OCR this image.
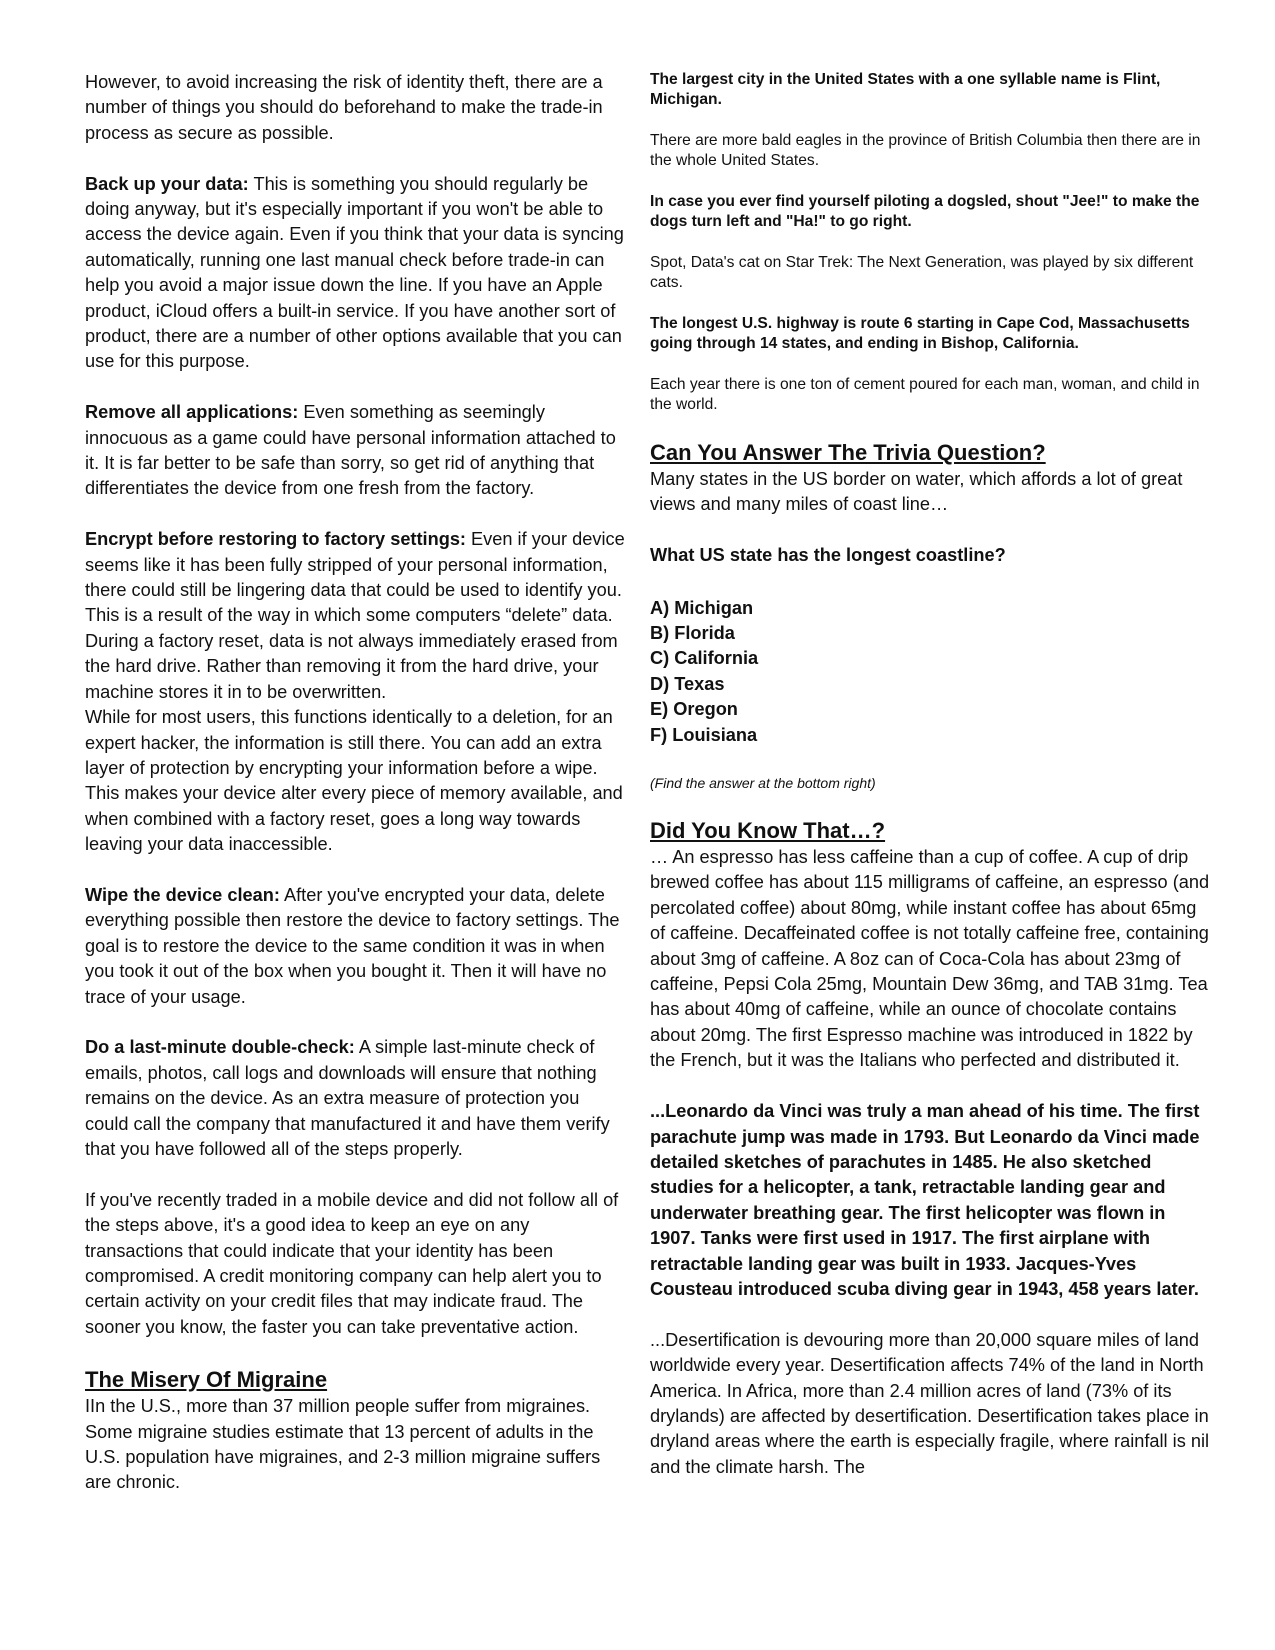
However, to avoid increasing the risk of identity theft, there are a number of things you should do beforehand to make the trade-in process as secure as possible.

Back up your data: This is something you should regularly be doing anyway, but it's especially important if you won't be able to access the device again. Even if you think that your data is syncing automatically, running one last manual check before trade-in can help you avoid a major issue down the line. If you have an Apple product, iCloud offers a built-in service. If you have another sort of product, there are a number of other options available that you can use for this purpose.

Remove all applications: Even something as seemingly innocuous as a game could have personal information attached to it. It is far better to be safe than sorry, so get rid of anything that differentiates the device from one fresh from the factory.

Encrypt before restoring to factory settings: Even if your device seems like it has been fully stripped of your personal information, there could still be lingering data that could be used to identify you. This is a result of the way in which some computers “delete” data. During a factory reset, data is not always immediately erased from the hard drive. Rather than removing it from the hard drive, your machine stores it in to be overwritten.

While for most users, this functions identically to a deletion, for an expert hacker, the information is still there. You can add an extra layer of protection by encrypting your information before a wipe. This makes your device alter every piece of memory available, and when combined with a factory reset, goes a long way towards leaving your data inaccessible.

Wipe the device clean: After you've encrypted your data, delete everything possible then restore the device to factory settings. The goal is to restore the device to the same condition it was in when you took it out of the box when you bought it. Then it will have no trace of your usage.

Do a last-minute double-check: A simple last-minute check of emails, photos, call logs and downloads will ensure that nothing remains on the device. As an extra measure of protection you could call the company that manufactured it and have them verify that you have followed all of the steps properly.

If you've recently traded in a mobile device and did not follow all of the steps above, it's a good idea to keep an eye on any transactions that could indicate that your identity has been compromised. A credit monitoring company can help alert you to certain activity on your credit files that may indicate fraud. The sooner you know, the faster you can take preventative action.

The Misery Of Migraine

IIn the U.S., more than 37 million people suffer from migraines. Some migraine studies estimate that 13 percent of adults in the U.S. population have migraines, and 2-3 million migraine suffers are chronic.

The largest city in the United States with a one syllable name is Flint, Michigan.

There are more bald eagles in the province of British Columbia then there are in the whole United States.

In case you ever find yourself piloting a dogsled, shout "Jee!" to make the dogs turn left and "Ha!" to go right.

Spot, Data's cat on Star Trek: The Next Generation, was played by six different cats.

The longest U.S. highway is route 6 starting in Cape Cod, Massachusetts going through 14 states, and ending in Bishop, California.

Each year there is one ton of cement poured for each man, woman, and child in the world.

Can You Answer The Trivia Question?

Many states in the US border on water, which affords a lot of great views and many miles of coast line…

What US state has the longest coastline?

A) Michigan

B) Florida

C) California

D) Texas

E) Oregon

F) Louisiana

(Find the answer at the bottom right)

Did You Know That…?

… An espresso has less caffeine than a cup of coffee. A cup of drip brewed coffee has about 115 milligrams of caffeine, an espresso (and percolated coffee) about 80mg, while instant coffee has about 65mg of caffeine. Decaffeinated coffee is not totally caffeine free, containing about 3mg of caffeine. A 8oz can of Coca-Cola has about 23mg of caffeine, Pepsi Cola 25mg, Mountain Dew 36mg, and TAB 31mg. Tea has about 40mg of caffeine, while an ounce of chocolate contains about 20mg. The first Espresso machine was introduced in 1822 by the French, but it was the Italians who perfected and distributed it.

...Leonardo da Vinci was truly a man ahead of his time. The first parachute jump was made in 1793. But Leonardo da Vinci made detailed sketches of parachutes in 1485. He also sketched studies for a helicopter, a tank, retractable landing gear and underwater breathing gear. The first helicopter was flown in 1907. Tanks were first used in 1917. The first airplane with retractable landing gear was built in 1933. Jacques-Yves Cousteau introduced scuba diving gear in 1943, 458 years later.

...Desertification is devouring more than 20,000 square miles of land worldwide every year. Desertification affects 74% of the land in North America. In Africa, more than 2.4 million acres of land (73% of its drylands) are affected by desertification. Desertification takes place in dryland areas where the earth is especially fragile, where rainfall is nil and the climate harsh. The
